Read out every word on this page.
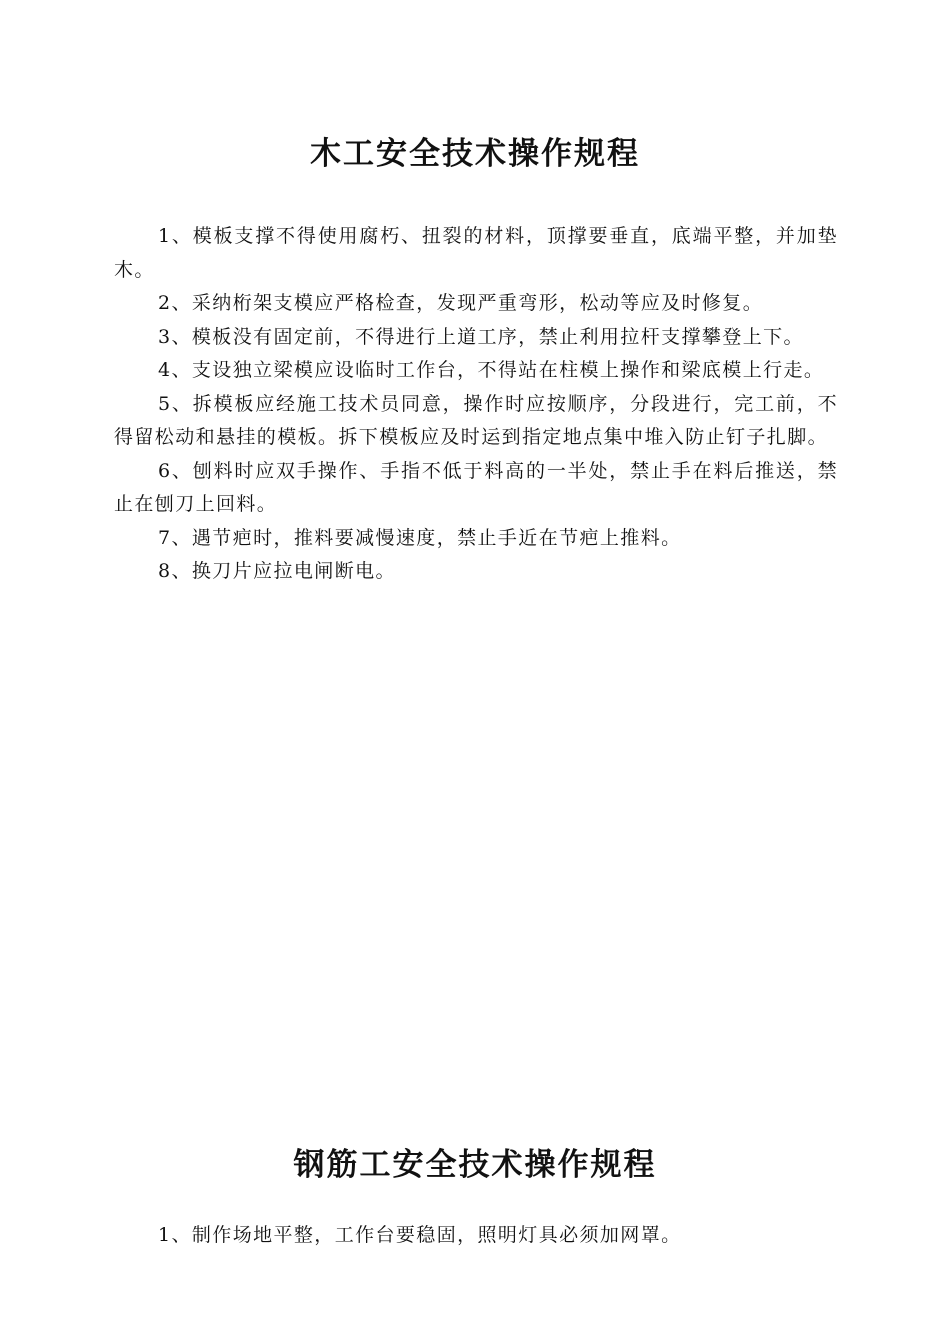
木工安全技术操作规程

1、模板支撑不得使用腐朽、扭裂的材料，顶撑要垂直，底端平整，并加垫木。

2、采纳桁架支模应严格检查，发现严重弯形，松动等应及时修复。

3、模板没有固定前，不得进行上道工序，禁止利用拉杆支撑攀登上下。

4、支设独立梁模应设临时工作台，不得站在柱模上操作和梁底模上行走。

5、拆模板应经施工技术员同意，操作时应按顺序，分段进行，完工前，不得留松动和悬挂的模板。拆下模板应及时运到指定地点集中堆入防止钉子扎脚。

6、刨料时应双手操作、手指不低于料高的一半处，禁止手在料后推送，禁止在刨刀上回料。

7、遇节疤时，推料要减慢速度，禁止手近在节疤上推料。

8、换刀片应拉电闸断电。

钢筋工安全技术操作规程

1、制作场地平整，工作台要稳固，照明灯具必须加网罩。
